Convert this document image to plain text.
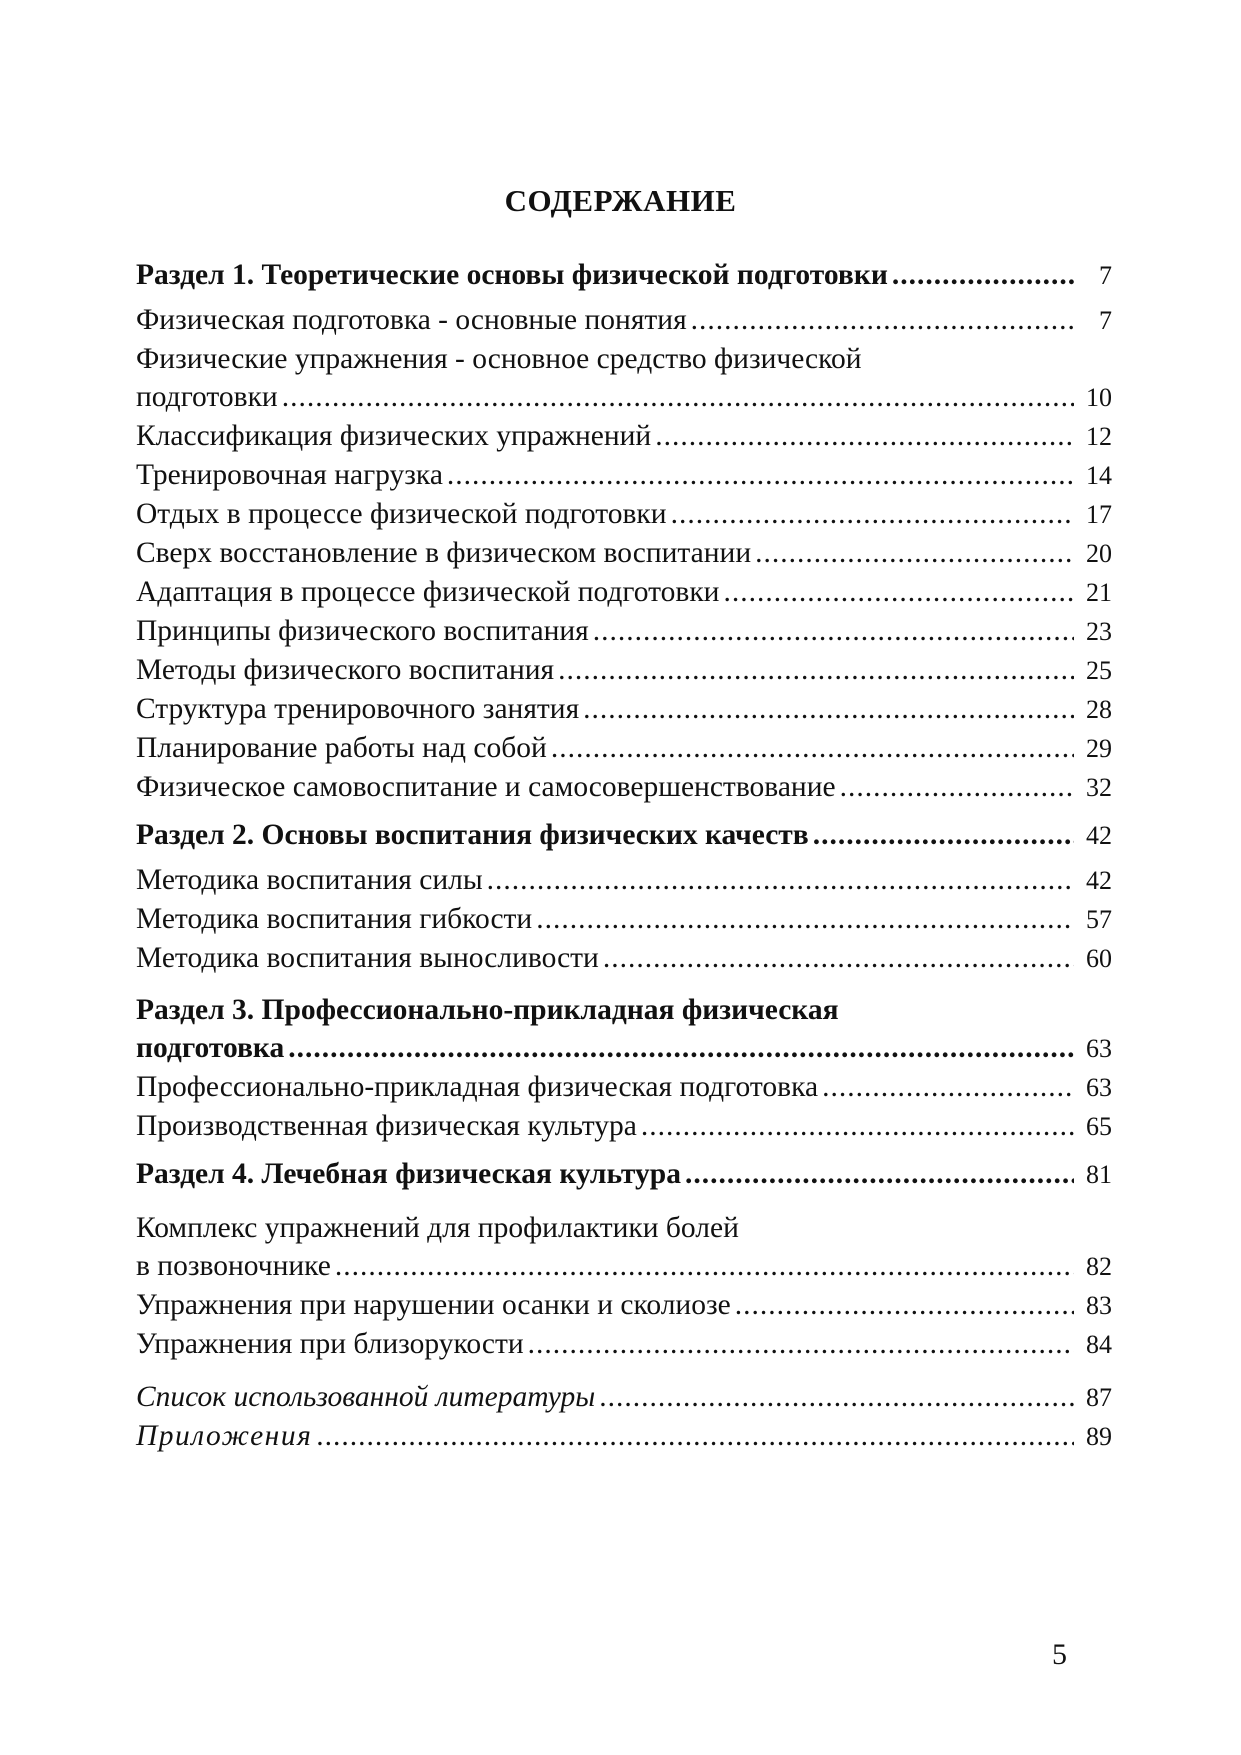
СОДЕРЖАНИЕ
Раздел 1. Теоретические основы физической подготовки .....	7
Физическая подготовка - основные понятия .....	7
Физические упражнения - основное средство физической
подготовки .....	10
Классификация физических упражнений .....	12
Тренировочная нагрузка .....	14
Отдых в процессе физической подготовки .....	17
Сверх восстановление в физическом воспитании .....	20
Адаптация в процессе физической подготовки .....	21
Принципы физического воспитания .....	23
Методы физического воспитания .....	25
Структура тренировочного занятия .....	28
Планирование работы над собой .....	29
Физическое самовоспитание и самосовершенствование .....	32
Раздел 2. Основы воспитания физических качеств .....	42
Методика воспитания силы .....	42
Методика воспитания гибкости .....	57
Методика воспитания выносливости .....	60
Раздел 3. Профессионально-прикладная физическая
подготовка .....	63
Профессионально-прикладная физическая подготовка .....	63
Производственная физическая культура .....	65
Раздел 4. Лечебная физическая культура .....	81
Комплекс упражнений для профилактики болей
в позвоночнике .....	82
Упражнения при нарушении осанки и сколиозе .....	83
Упражнения при близорукости .....	84
Список использованной литературы .....	87
Приложения .....	89
5
